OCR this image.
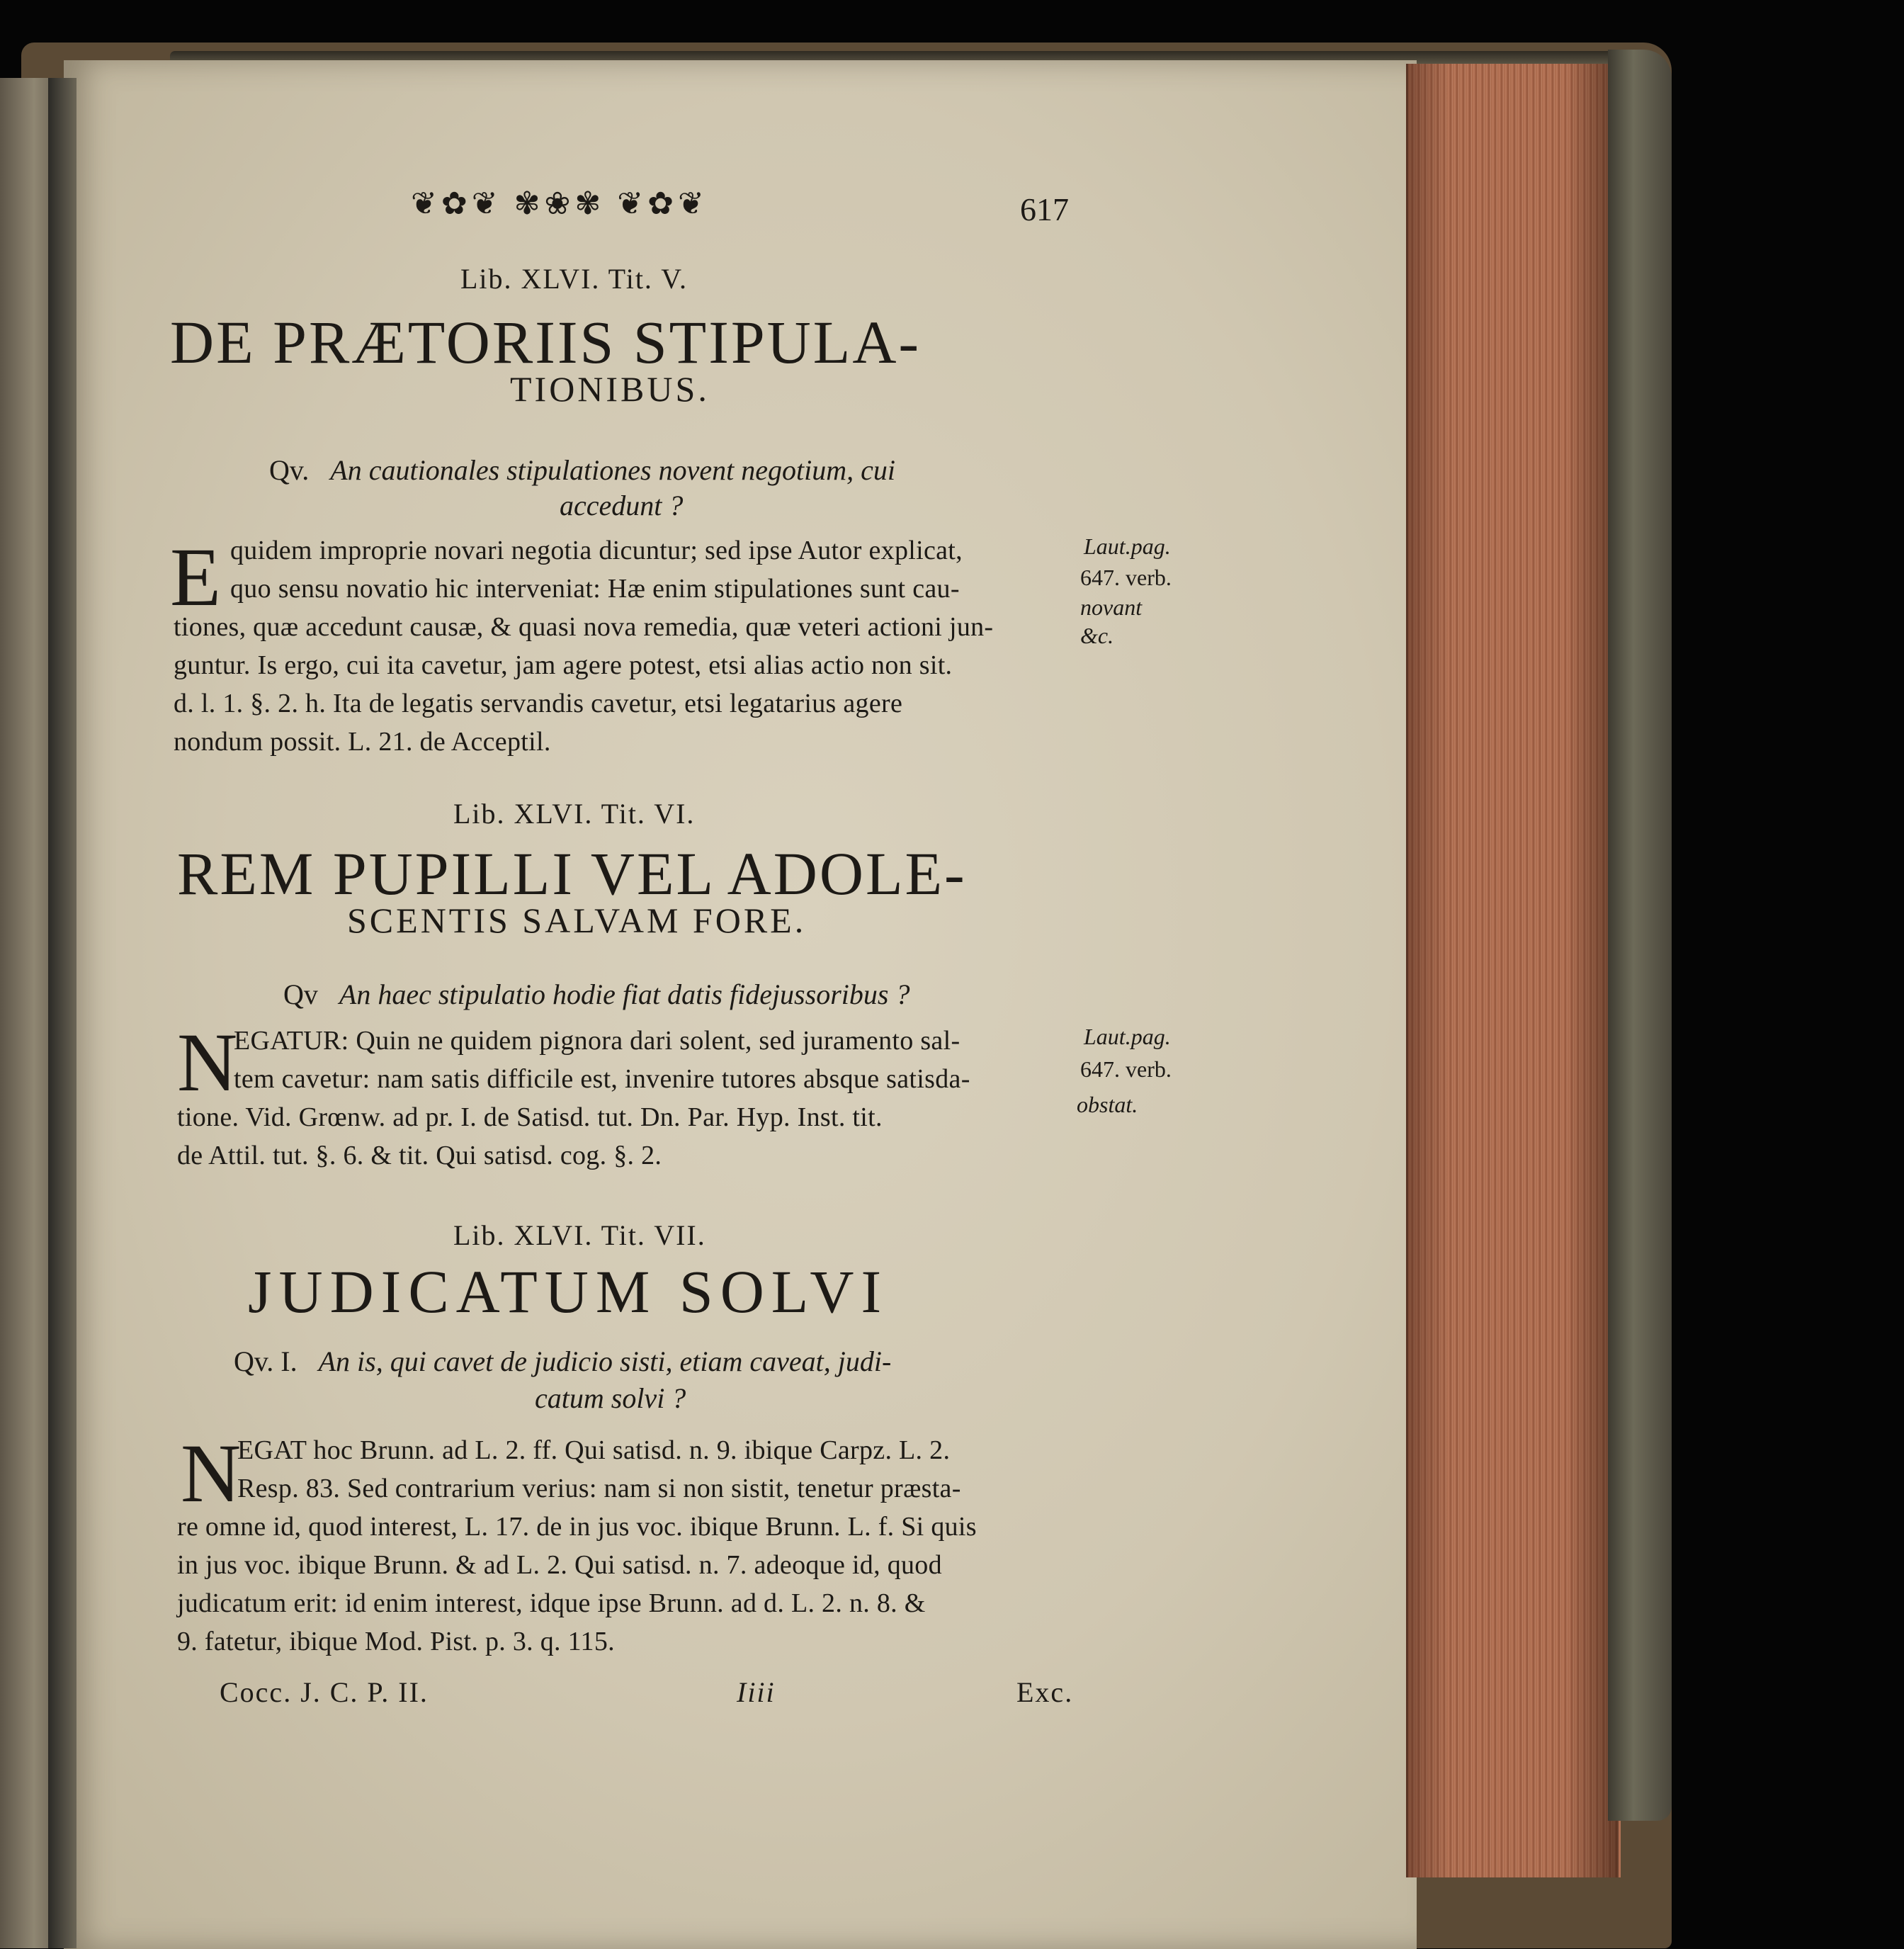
❦✿❦ ✾❀✾ ❦✿❦	617
Lib. XLVI. Tit. V.
DE PRÆTORIIS STIPULA-
TIONIBUS.
Qv. An cautionales stipulationes novent negotium, cui
accedunt ?
E quidem improprie novari negotia dicuntur; sed ipse Autor explicat,
quo sensu novatio hic interveniat: Hæ enim stipulationes sunt cau-
tiones, quæ accedunt causæ, & quasi nova remedia, quæ veteri actioni jun-
guntur. Is ergo, cui ita cavetur, jam agere potest, etsi alias actio non sit.
d. l. 1. §. 2. h. Ita de legatis servandis cavetur, etsi legatarius agere
nondum possit. L. 21. de Acceptil.
Laut.pag.
647. verb.
novant
&c.
Lib. XLVI. Tit. VI.
REM PUPILLI VEL ADOLE-
SCENTIS SALVAM FORE.
Qv An haec stipulatio hodie fiat datis fidejussoribus ?
N
EGATUR: Quin ne quidem pignora dari solent, sed juramento sal-
tem cavetur: nam satis difficile est, invenire tutores absque satisda-
tione. Vid. Grœnw. ad pr. I. de Satisd. tut. Dn. Par. Hyp. Inst. tit.
de Attil. tut. §. 6. & tit. Qui satisd. cog. §. 2.
Laut.pag.
647. verb.
obstat.
Lib. XLVI. Tit. VII.
JUDICATUM SOLVI
Qv. I. An is, qui cavet de judicio sisti, etiam caveat, judi-
catum solvi ?
N
EGAT hoc Brunn. ad L. 2. ff. Qui satisd. n. 9. ibique Carpz. L. 2.
Resp. 83. Sed contrarium verius: nam si non sistit, tenetur præsta-
re omne id, quod interest, L. 17. de in jus voc. ibique Brunn. L. f. Si quis
in jus voc. ibique Brunn. & ad L. 2. Qui satisd. n. 7. adeoque id, quod
judicatum erit: id enim interest, idque ipse Brunn. ad d. L. 2. n. 8. &
9. fatetur, ibique Mod. Pist. p. 3. q. 115.
Cocc. J. C. P. II.	Iiii	Exc.
